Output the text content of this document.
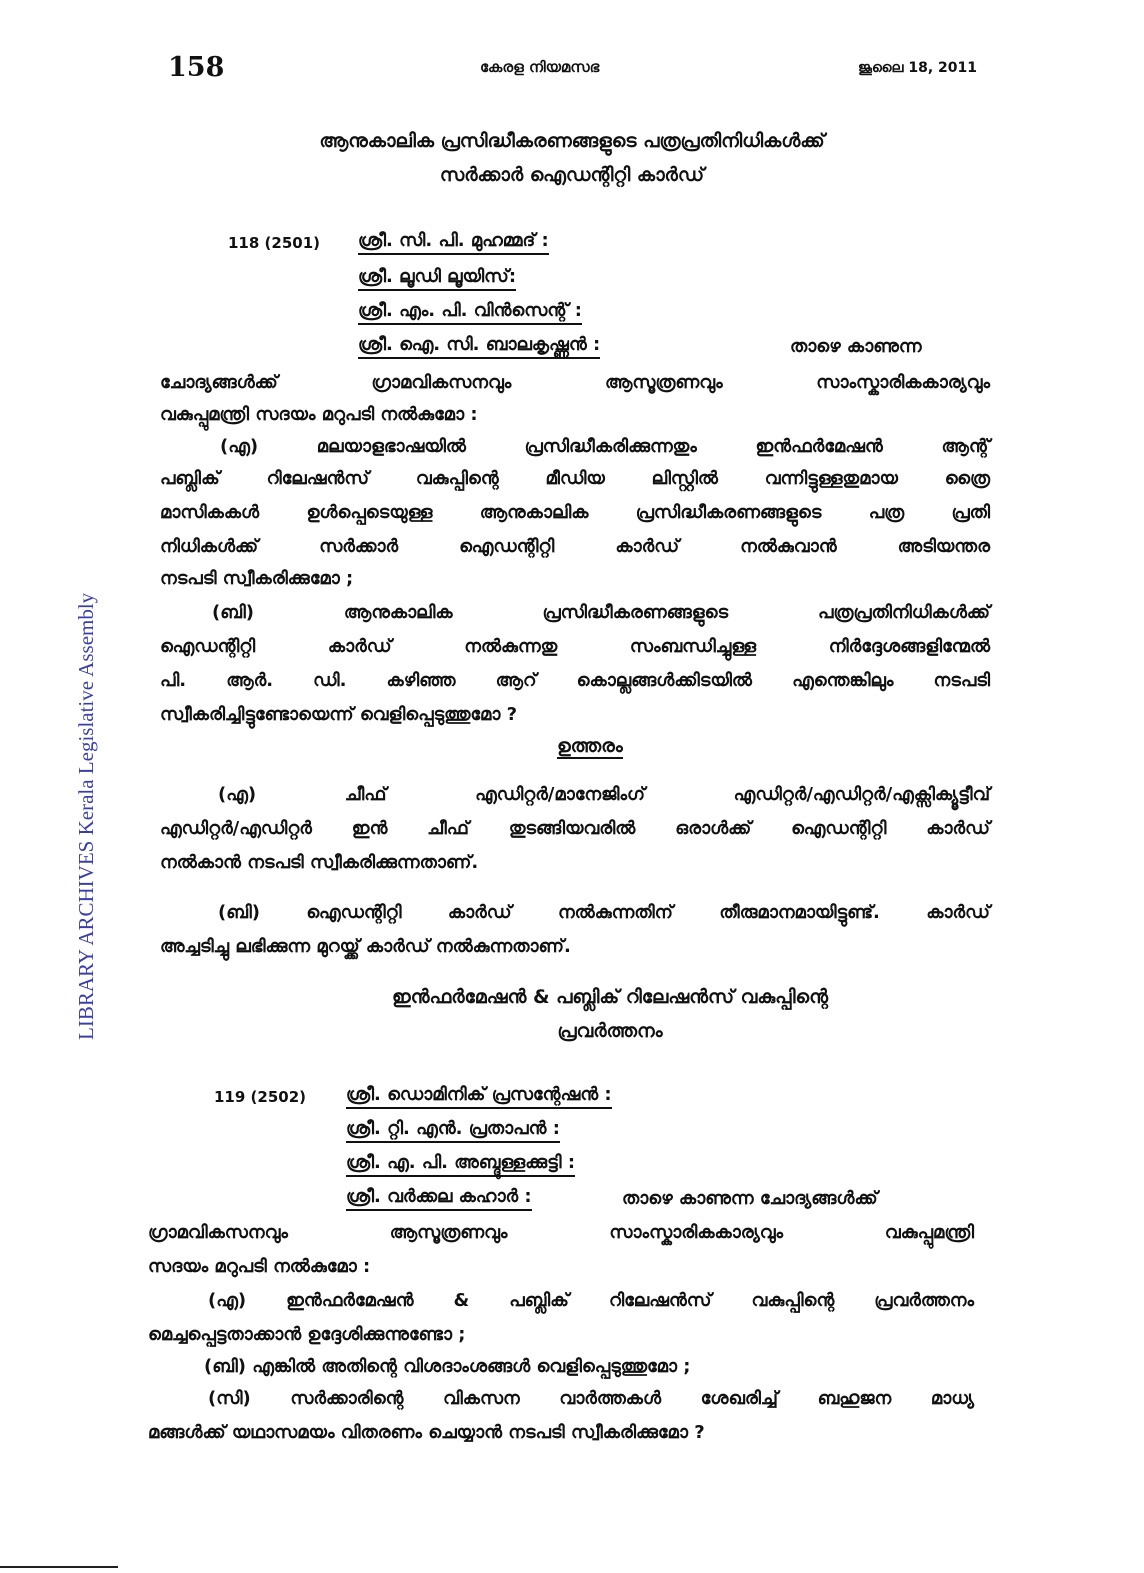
158	കേരള നിയമസഭ	ജൂലൈ 18, 2011
ആനുകാലിക പ്രസിദ്ധീകരണങ്ങളുടെ പത്രപ്രതിനിധികൾക്ക്
സർക്കാർ ഐഡന്റിറ്റി കാർഡ്
118 (2501) ശ്രീ. സി. പി. മുഹമ്മദ് :
ശ്രീ. ലൂഡി ലൂയിസ്:
ശ്രീ. എം. പി. വിൻസെന്റ് :
ശ്രീ. ഐ. സി. ബാലകൃഷ്ണൻ :	താഴെ കാണുന്ന
ചോദ്യങ്ങൾക്ക് ഗ്രാമവികസനവും ആസൂത്രണവും സാംസ്കാരികകാര്യവും
വകുപ്പുമന്ത്രി സദയം മറുപടി നൽകുമോ :
(എ) മലയാളഭാഷയിൽ പ്രസിദ്ധീകരിക്കുന്നതും ഇൻഫർമേഷൻ ആന്റ്
പബ്ലിക് റിലേഷൻസ് വകുപ്പിന്റെ മീഡിയ ലിസ്റ്റിൽ വന്നിട്ടുള്ളതുമായ ത്രൈ
മാസികകൾ ഉൾപ്പെടെയുള്ള ആനുകാലിക പ്രസിദ്ധീകരണങ്ങളുടെ പത്ര പ്രതി
നിധികൾക്ക് സർക്കാർ ഐഡന്റിറ്റി കാർഡ് നൽകുവാൻ അടിയന്തര
നടപടി സ്വീകരിക്കുമോ ;
(ബി) ആനുകാലിക പ്രസിദ്ധീകരണങ്ങളുടെ പത്രപ്രതിനിധികൾക്ക്
ഐഡന്റിറ്റി കാർഡ് നൽകുന്നതു സംബന്ധിച്ചുള്ള നിർദ്ദേശങ്ങളിന്മേൽ
പി. ആർ. ഡി. കഴിഞ്ഞ ആറ് കൊല്ലങ്ങൾക്കിടയിൽ എന്തെങ്കിലും നടപടി
സ്വീകരിച്ചിട്ടുണ്ടോയെന്ന് വെളിപ്പെടുത്തുമോ ?
ഉത്തരം
(എ) ചീഫ് എഡിറ്റർ/മാനേജിംഗ് എഡിറ്റർ/എഡിറ്റർ/എക്സിക്യൂട്ടീവ്
എഡിറ്റർ/എഡിറ്റർ ഇൻ ചീഫ് തുടങ്ങിയവരിൽ ഒരാൾക്ക് ഐഡന്റിറ്റി കാർഡ്
നൽകാൻ നടപടി സ്വീകരിക്കുന്നതാണ്.
(ബി) ഐഡന്റിറ്റി കാർഡ് നൽകുന്നതിന് തീരുമാനമായിട്ടുണ്ട്. കാർഡ്
അച്ചടിച്ചു ലഭിക്കുന്ന മുറയ്ക്ക് കാർഡ് നൽകുന്നതാണ്.
ഇൻഫർമേഷൻ & പബ്ലിക് റിലേഷൻസ് വകുപ്പിന്റെ
പ്രവർത്തനം
119 (2502) ശ്രീ. ഡൊമിനിക് പ്രസന്റേഷൻ :
ശ്രീ. റ്റി. എൻ. പ്രതാപൻ :
ശ്രീ. എ. പി. അബ്ദുള്ളക്കുട്ടി :
ശ്രീ. വർക്കല കഹാർ :	താഴെ കാണുന്ന ചോദ്യങ്ങൾക്ക്
ഗ്രാമവികസനവും ആസൂത്രണവും സാംസ്കാരികകാര്യവും വകുപ്പുമന്ത്രി
സദയം മറുപടി നൽകുമോ :
(എ) ഇൻഫർമേഷൻ & പബ്ലിക് റിലേഷൻസ് വകുപ്പിന്റെ പ്രവർത്തനം
മെച്ചപ്പെട്ടതാക്കാൻ ഉദ്ദേശിക്കുന്നുണ്ടോ ;
(ബി) എങ്കിൽ അതിന്റെ വിശദാംശങ്ങൾ വെളിപ്പെടുത്തുമോ ;
(സി) സർക്കാരിന്റെ വികസന വാർത്തകൾ ശേഖരിച്ച് ബഹുജന മാധ്യ
മങ്ങൾക്ക് യഥാസമയം വിതരണം ചെയ്യാൻ നടപടി സ്വീകരിക്കുമോ ?
LIBRARY ARCHIVES Kerala Legislative Assembly
